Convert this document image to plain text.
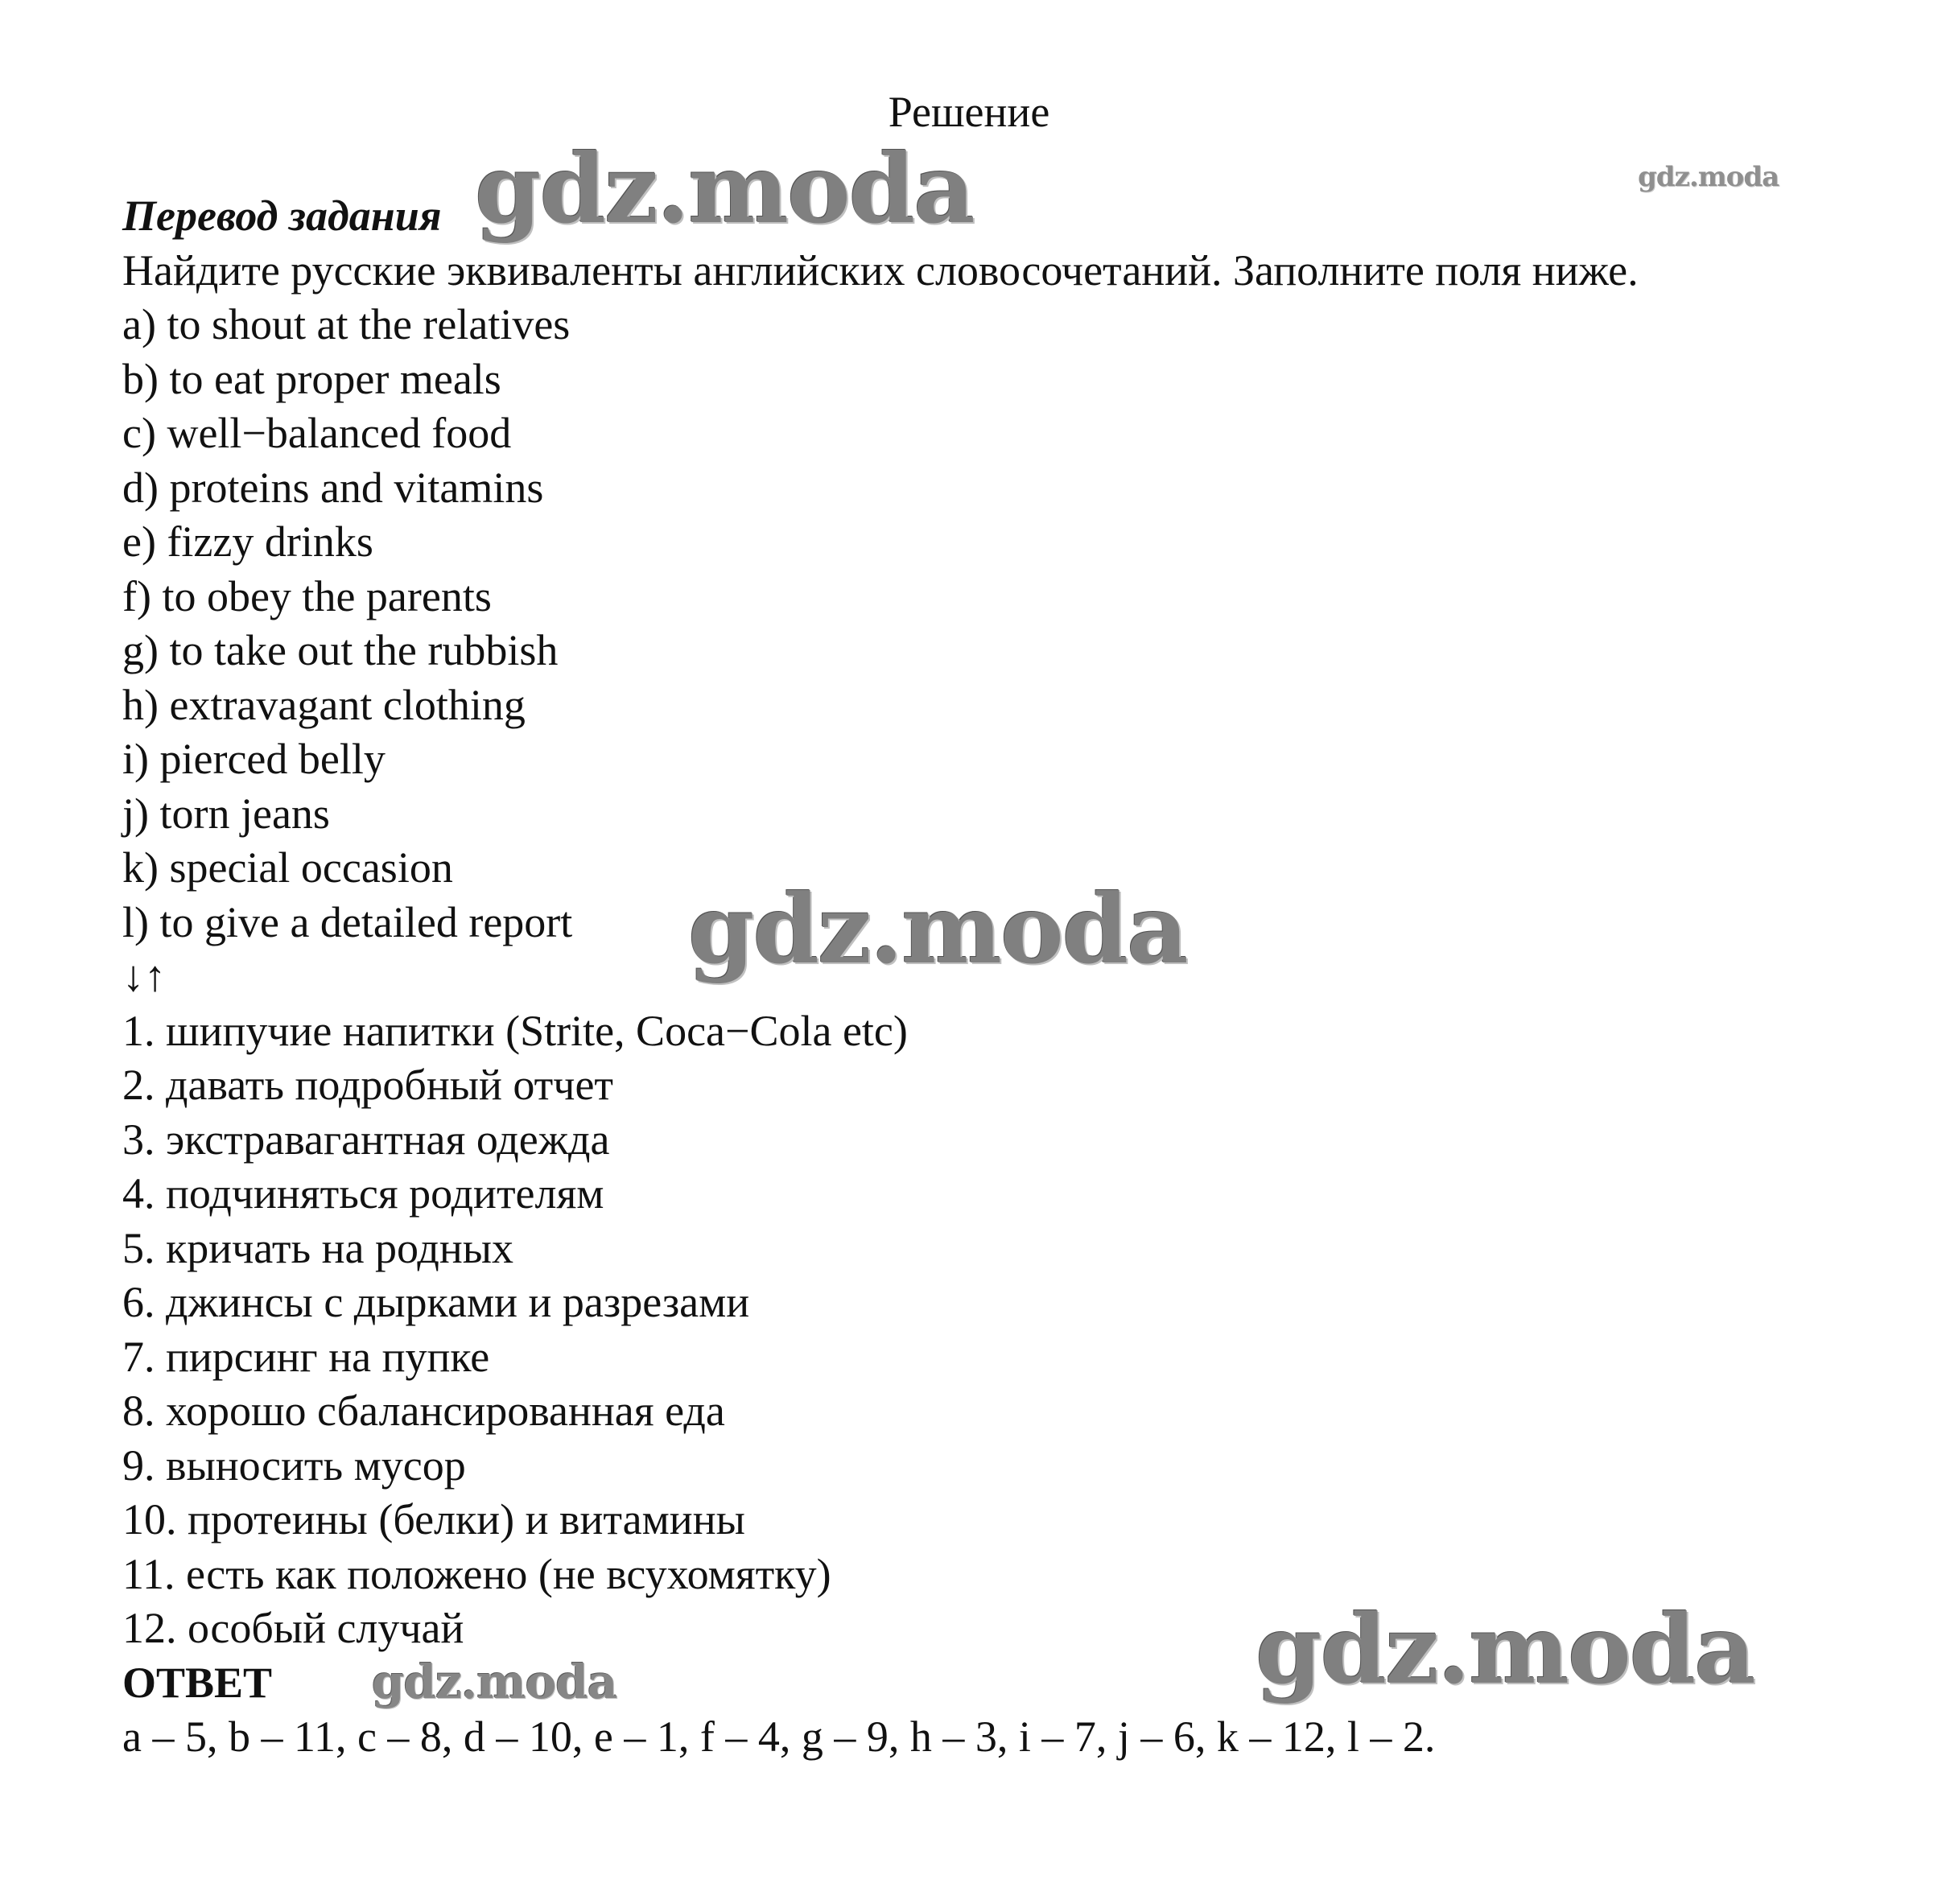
Решение
Перевод задания
Найдите русские эквиваленты английских словосочетаний. Заполните поля ниже.
a) to shout at the relatives
b) to eat proper meals
c) well−balanced food
d) proteins and vitamins
e) fizzy drinks
f) to obey the parents
g) to take out the rubbish
h) extravagant clothing
i) pierced belly
j) torn jeans
k) special occasion
l) to give a detailed report
↓↑
1. шипучие напитки (Strite, Coca−Cola etc)
2. давать подробный отчет
3. экстравагантная одежда
4. подчиняться родителям
5. кричать на родных
6. джинсы с дырками и разрезами
7. пирсинг на пупке
8. хорошо сбалансированная еда
9. выносить мусор
10. протеины (белки) и витамины
11. есть как положено (не всухомятку)
12. особый случай
ОТВЕТ
a – 5, b – 11, c – 8, d – 10, e – 1, f – 4, g – 9, h – 3, i – 7, j – 6, k – 12, l – 2.
gdz.moda	gdz.moda
gdz.moda
gdz.moda
gdz.moda
